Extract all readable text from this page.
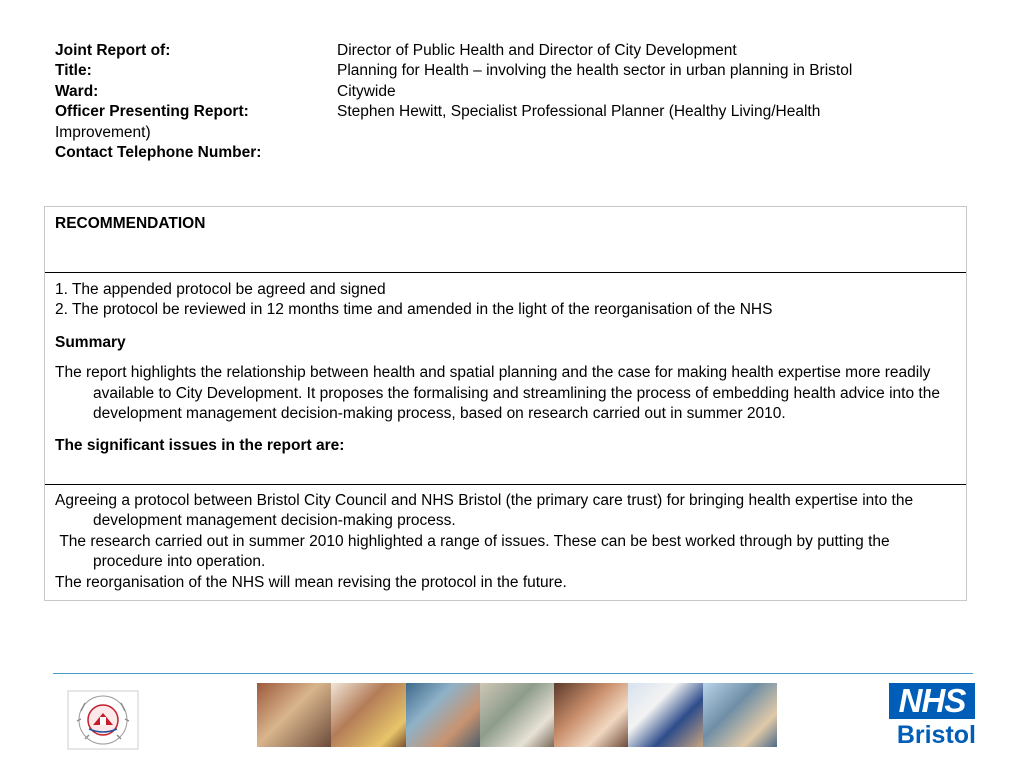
Joint Report of:	Director of Public Health and Director of City Development
Title:	Planning for Health – involving the health sector in urban planning in Bristol
Ward:	Citywide
Officer Presenting Report:	Stephen Hewitt, Specialist Professional Planner (Healthy Living/Health
Improvement)
Contact Telephone Number:

RECOMMENDATION

1. The appended protocol be agreed and signed

2. The protocol be reviewed in 12 months time and amended in the light of the reorganisation of the NHS

Summary

The report highlights the relationship between health and spatial planning and the case for making health expertise more readily available to City Development. It proposes the formalising and streamlining the process of embedding health advice into the development management decision-making process, based on research carried out in summer 2010.

The significant issues in the report are:

Agreeing a protocol between Bristol City Council and NHS Bristol (the primary care trust) for bringing health expertise into the development management decision-making process.

The research carried out in summer 2010 highlighted a range of issues. These can be best worked through by putting the procedure into operation.

The reorganisation of the NHS will mean revising the protocol in the future.

NHS
Bristol
